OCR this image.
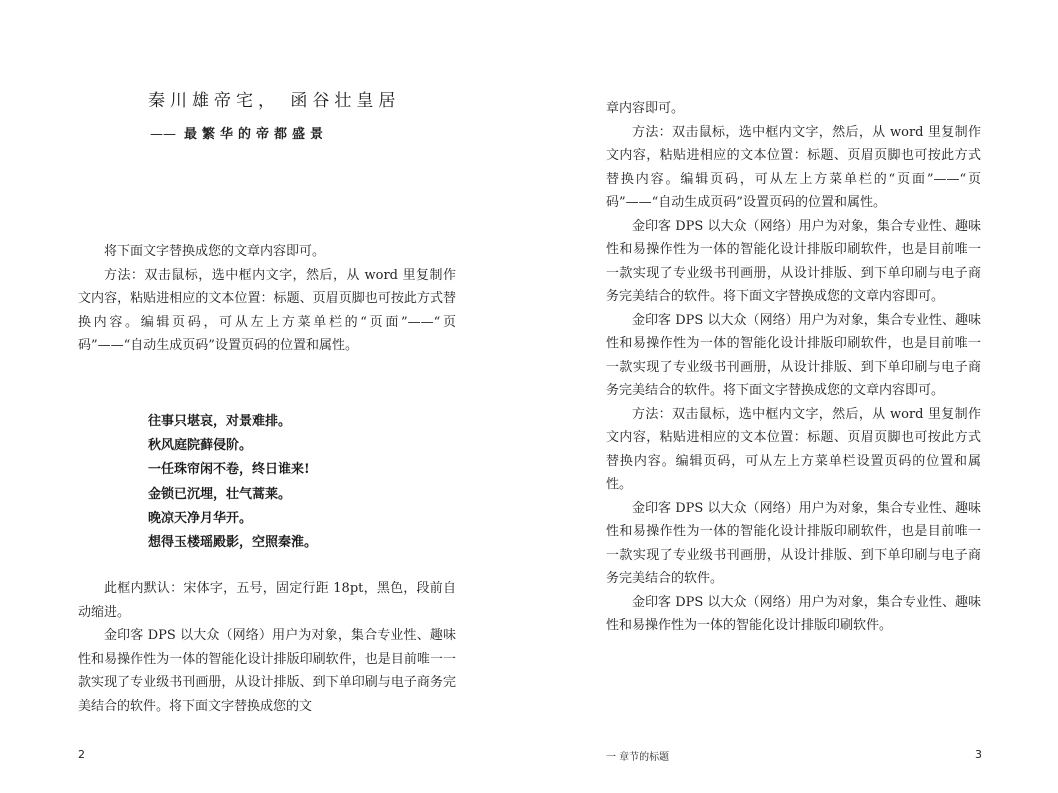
秦川雄帝宅， 函谷壮皇居
—— 最繁华的帝都盛景

将下面文字替换成您的文章内容即可。

方法：双击鼠标，选中框内文字，然后，从 word 里复制作文内容，粘贴进相应的文本位置：标题、页眉页脚也可按此方式替换内容。编辑页码，可从左上方菜单栏的“页面”——“页码”——“自动生成页码”设置页码的位置和属性。

往事只堪哀，对景难排。
秋风庭院藓侵阶。
一任珠帘闲不卷，终日谁来!
金锁已沉埋，壮气蒿莱。
晚凉天净月华开。
想得玉楼瑶殿影，空照秦淮。

此框内默认：宋体字，五号，固定行距 18pt，黑色，段前自动缩进。

金印客 DPS 以大众（网络）用户为对象，集合专业性、趣味性和易操作性为一体的智能化设计排版印刷软件，也是目前唯一一款实现了专业级书刊画册，从设计排版、到下单印刷与电子商务完美结合的软件。将下面文字替换成您的文

2

章内容即可。

方法：双击鼠标，选中框内文字，然后，从 word 里复制作文内容，粘贴进相应的文本位置：标题、页眉页脚也可按此方式替换内容。编辑页码，可从左上方菜单栏的“页面”——“页码”——“自动生成页码”设置页码的位置和属性。

金印客 DPS 以大众（网络）用户为对象，集合专业性、趣味性和易操作性为一体的智能化设计排版印刷软件，也是目前唯一一款实现了专业级书刊画册，从设计排版、到下单印刷与电子商务完美结合的软件。将下面文字替换成您的文章内容即可。

金印客 DPS 以大众（网络）用户为对象，集合专业性、趣味性和易操作性为一体的智能化设计排版印刷软件，也是目前唯一一款实现了专业级书刊画册，从设计排版、到下单印刷与电子商务完美结合的软件。将下面文字替换成您的文章内容即可。

方法：双击鼠标，选中框内文字，然后，从 word 里复制作文内容，粘贴进相应的文本位置：标题、页眉页脚也可按此方式替换内容。编辑页码，可从左上方菜单栏设置页码的位置和属性。

金印客 DPS 以大众（网络）用户为对象，集合专业性、趣味性和易操作性为一体的智能化设计排版印刷软件，也是目前唯一一款实现了专业级书刊画册，从设计排版、到下单印刷与电子商务完美结合的软件。

金印客 DPS 以大众（网络）用户为对象，集合专业性、趣味性和易操作性为一体的智能化设计排版印刷软件。

一 章节的标题	3
